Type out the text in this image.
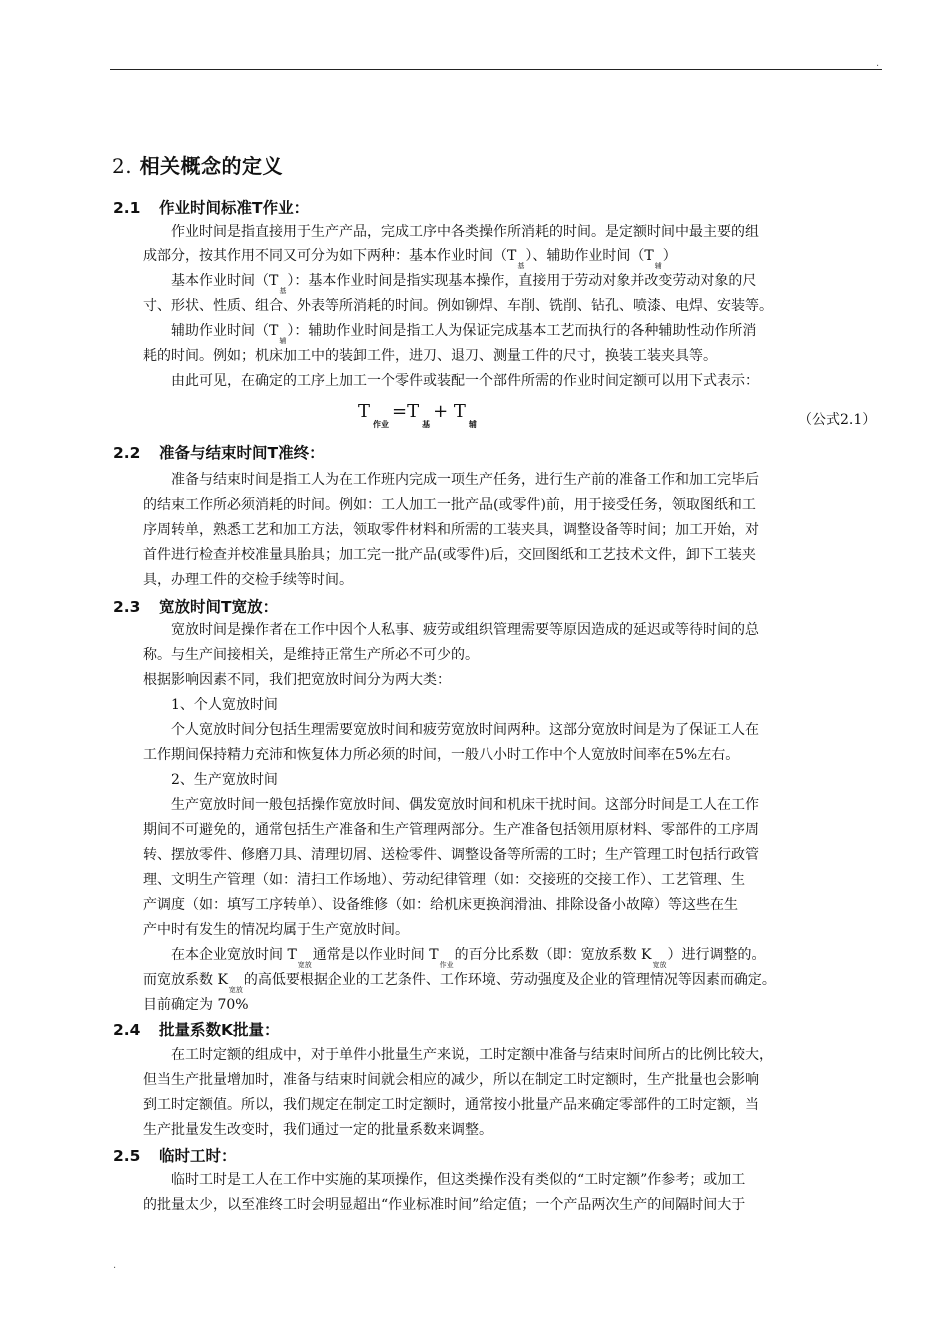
.
2. 相关概念的定义
2.1 作业时间标准T作业：
作业时间是指直接用于生产产品，完成工序中各类操作所消耗的时间。是定额时间中最主要的组
成部分，按其作用不同又可分为如下两种：基本作业时间$(T_基)$、辅助作业时间$(T_辅)$
基本作业时间$(T_基)$：基本作业时间是指实现基本操作，直接用于劳动对象并改变劳动对象的尺
寸、形状、性质、组合、外表等所消耗的时间。例如铆焊、车削、铣削、钻孔、喷漆、电焊、安装等。
辅助作业时间$(T_辅)$：辅助作业时间是指工人为保证完成基本工艺而执行的各种辅助性动作所消
耗的时间。例如；机床加工中的装卸工件，进刀、退刀、测量工件的尺寸，换装工装夹具等。
由此可见，在确定的工序上加工一个零件或装配一个部件所需的作业时间定额可以用下式表示：
$T_{作业}=T_基+ T_辅$	（公式2.1）
2.2 准备与结束时间T准终：
准备与结束时间是指工人为在工作班内完成一项生产任务，进行生产前的准备工作和加工完毕后
的结束工作所必须消耗的时间。例如：工人加工一批产品(或零件)前，用于接受任务，领取图纸和工
序周转单，熟悉工艺和加工方法，领取零件材料和所需的工装夹具，调整设备等时间；加工开始，对
首件进行检查并校准量具胎具；加工完一批产品(或零件)后，交回图纸和工艺技术文件，卸下工装夹
具，办理工件的交检手续等时间。
2.3 宽放时间T宽放：
宽放时间是操作者在工作中因个人私事、疲劳或组织管理需要等原因造成的延迟或等待时间的总
称。与生产间接相关，是维持正常生产所必不可少的。
根据影响因素不同，我们把宽放时间分为两大类：
1、个人宽放时间
个人宽放时间分包括生理需要宽放时间和疲劳宽放时间两种。这部分宽放时间是为了保证工人在
工作期间保持精力充沛和恢复体力所必须的时间，一般八小时工作中个人宽放时间率在5%左右。
2、生产宽放时间
生产宽放时间一般包括操作宽放时间、偶发宽放时间和机床干扰时间。这部分时间是工人在工作
期间不可避免的，通常包括生产准备和生产管理两部分。生产准备包括领用原材料、零部件的工序周
转、摆放零件、修磨刀具、清理切屑、送检零件、调整设备等所需的工时；生产管理工时包括行政管
理、文明生产管理（如：清扫工作场地）、劳动纪律管理（如：交接班的交接工作）、工艺管理、生
产调度（如：填写工序转单）、设备维修（如：给机床更换润滑油、排除设备小故障）等这些在生
产中时有发生的情况均属于生产宽放时间。
在本企业宽放时间 $T_{宽放}$通常是以作业时间 $T_{作业}$的百分比系数（即：宽放系数 $K_{宽放}$）进行调整的。
而宽放系数 $K_{宽放}$的高低要根据企业的工艺条件、工作环境、劳动强度及企业的管理情况等因素而确定。
目前确定为 70%
2.4 批量系数K批量：
在工时定额的组成中，对于单件小批量生产来说，工时定额中准备与结束时间所占的比例比较大，
但当生产批量增加时，准备与结束时间就会相应的减少，所以在制定工时定额时，生产批量也会影响
到工时定额值。所以，我们规定在制定工时定额时，通常按小批量产品来确定零部件的工时定额，当
生产批量发生改变时，我们通过一定的批量系数来调整。
2.5 临时工时：
临时工时是工人在工作中实施的某项操作，但这类操作没有类似的“工时定额”作参考；或加工
的批量太少，以至准终工时会明显超出“作业标准时间”给定值；一个产品两次生产的间隔时间大于
.
